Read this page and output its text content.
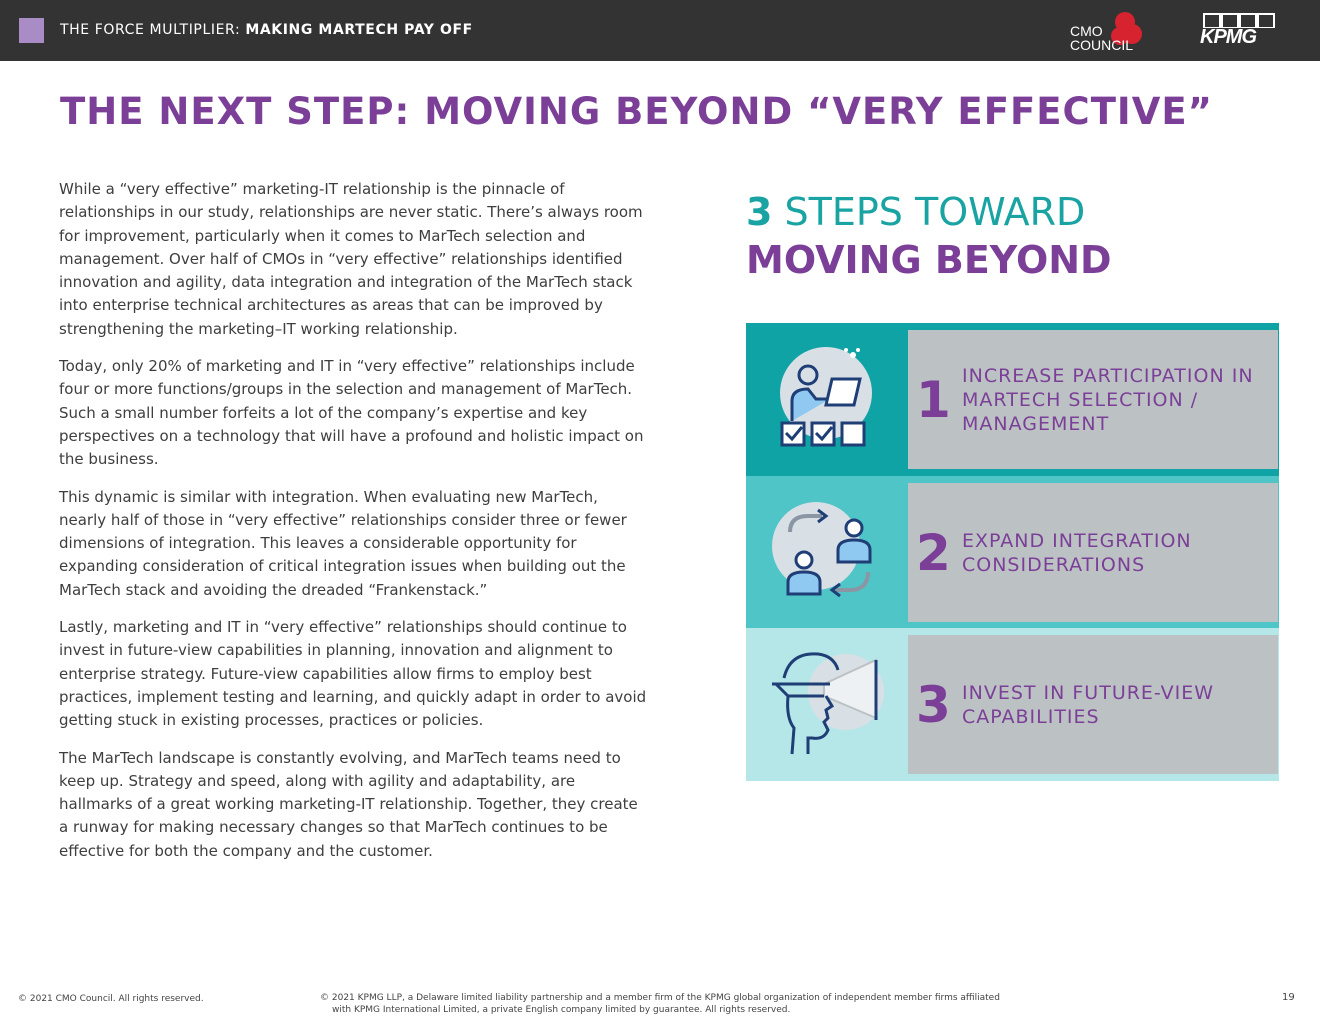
THE FORCE MULTIPLIER: MAKING MARTECH PAY OFF	CMO
COUNCIL	KPMG
THE NEXT STEP: MOVING BEYOND “VERY EFFECTIVE”

While a “very effective” marketing-IT relationship is the pinnacle of relationships in our study, relationships are never static. There’s always room for improvement, particularly when it comes to MarTech selection and management. Over half of CMOs in “very effective” relationships identified innovation and agility, data integration and integration of the MarTech stack into enterprise technical architectures as areas that can be improved by strengthening the marketing–IT working relationship.

Today, only 20% of marketing and IT in “very effective” relationships include four or more functions/groups in the selection and management of MarTech. Such a small number forfeits a lot of the company’s expertise and key perspectives on a technology that will have a profound and holistic impact on the business.

This dynamic is similar with integration. When evaluating new MarTech, nearly half of those in “very effective” relationships consider three or fewer dimensions of integration. This leaves a considerable opportunity for expanding consideration of critical integration issues when building out the MarTech stack and avoiding the dreaded “Frankenstack.”

Lastly, marketing and IT in “very effective” relationships should continue to invest in future-view capabilities in planning, innovation and alignment to enterprise strategy. Future-view capabilities allow firms to employ best practices, implement testing and learning, and quickly adapt in order to avoid getting stuck in existing processes, practices or policies.

The MarTech landscape is constantly evolving, and MarTech teams need to keep up. Strategy and speed, along with agility and adaptability, are hallmarks of a great working marketing-IT relationship. Together, they create a runway for making necessary changes so that MarTech continues to be effective for both the company and the customer.

3 STEPS TOWARD
MOVING BEYOND
1 INCREASE PARTICIPATION IN MARTECH SELECTION / MANAGEMENT
2 EXPAND INTEGRATION CONSIDERATIONS
3 INVEST IN FUTURE-VIEW CAPABILITIES
© 2021 CMO Council. All rights reserved.	© 2021 KPMG LLP, a Delaware limited liability partnership and a member firm of the KPMG global organization of independent member firms affiliated
with KPMG International Limited, a private English company limited by guarantee. All rights reserved.
19
